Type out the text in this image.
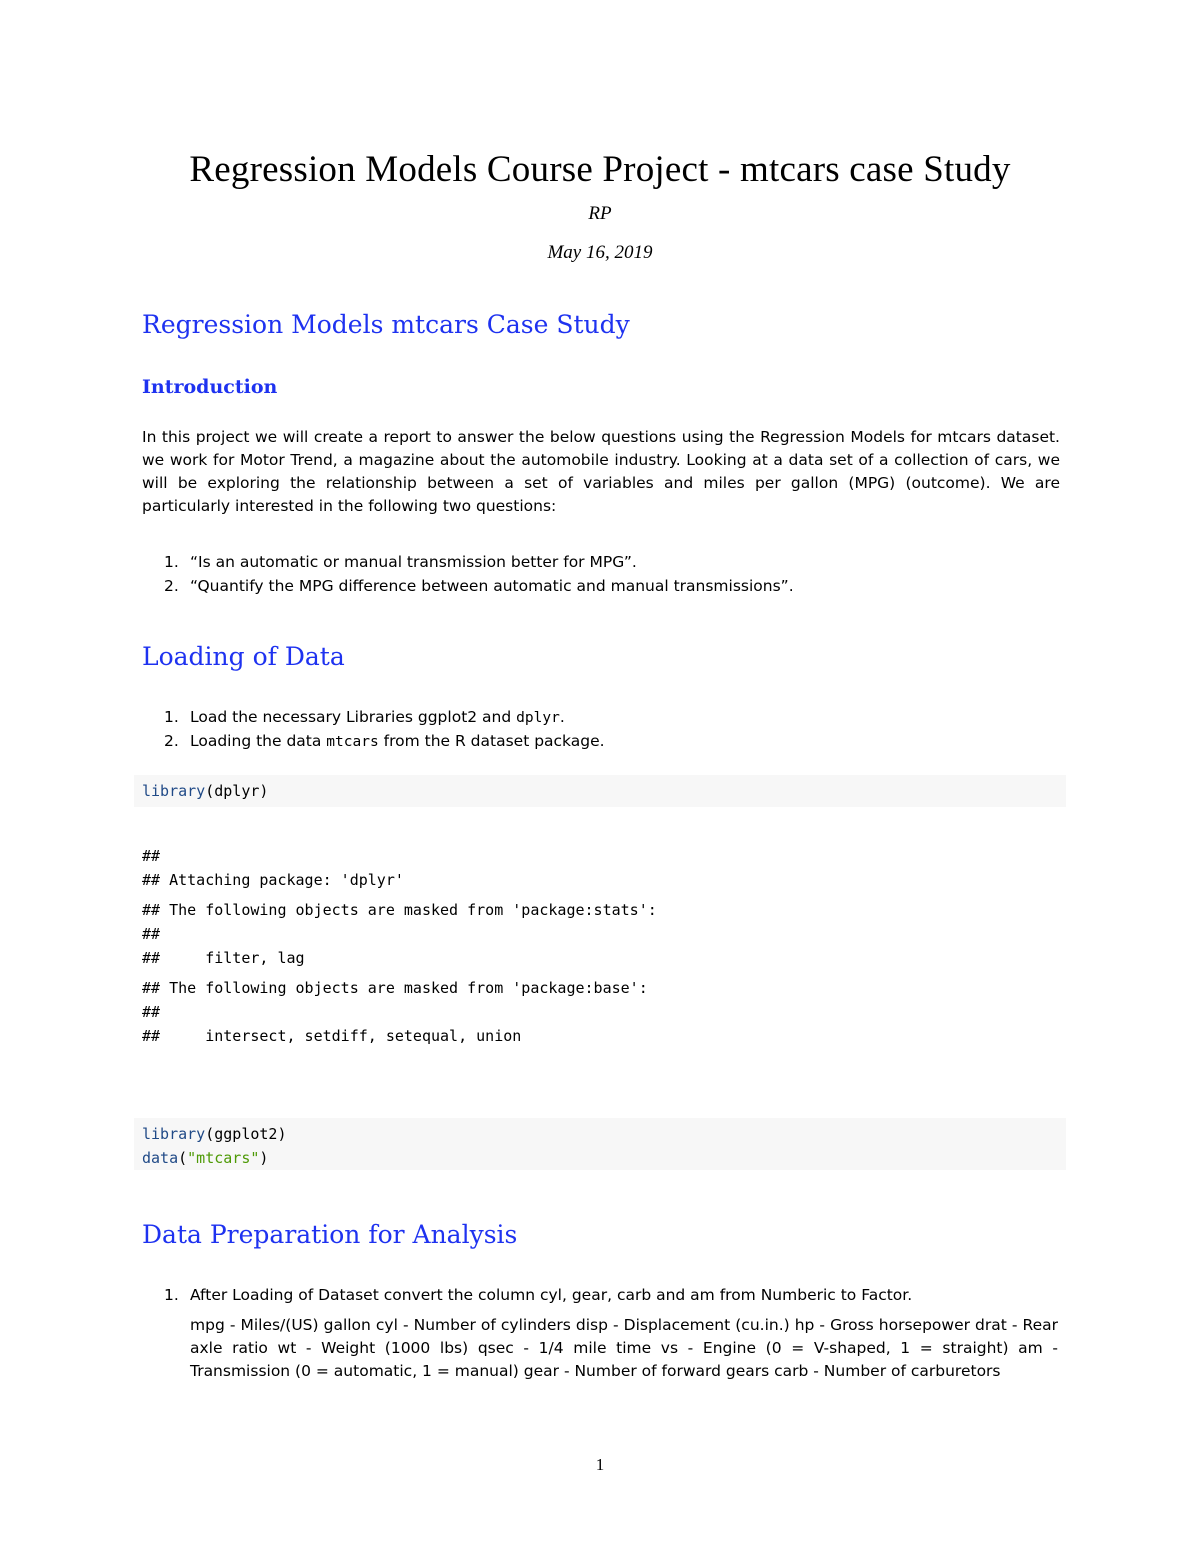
Regression Models Course Project - mtcars case Study
RP
May 16, 2019
Regression Models mtcars Case Study
Introduction
In this project we will create a report to answer the below questions using the Regression Models for mtcars dataset. we work for Motor Trend, a magazine about the automobile industry. Looking at a data set of a collection of cars, we will be exploring the relationship between a set of variables and miles per gallon (MPG) (outcome). We are particularly interested in the following two questions:
1. “Is an automatic or manual transmission better for MPG”.
2. “Quantify the MPG difference between automatic and manual transmissions”.
Loading of Data
1. Load the necessary Libraries ggplot2 and dplyr.
2. Loading the data mtcars from the R dataset package.
library(dplyr)
##
## Attaching package: 'dplyr'
## The following objects are masked from 'package:stats':
##
##     filter, lag
## The following objects are masked from 'package:base':
##
##     intersect, setdiff, setequal, union
library(ggplot2)
data("mtcars")
Data Preparation for Analysis
1. After Loading of Dataset convert the column cyl, gear, carb and am from Numberic to Factor.
mpg - Miles/(US) gallon cyl - Number of cylinders disp - Displacement (cu.in.) hp - Gross horsepower drat - Rear axle ratio wt - Weight (1000 lbs) qsec - 1/4 mile time vs - Engine (0 = V-shaped, 1 = straight) am - Transmission (0 = automatic, 1 = manual) gear - Number of forward gears carb - Number of carburetors
1
